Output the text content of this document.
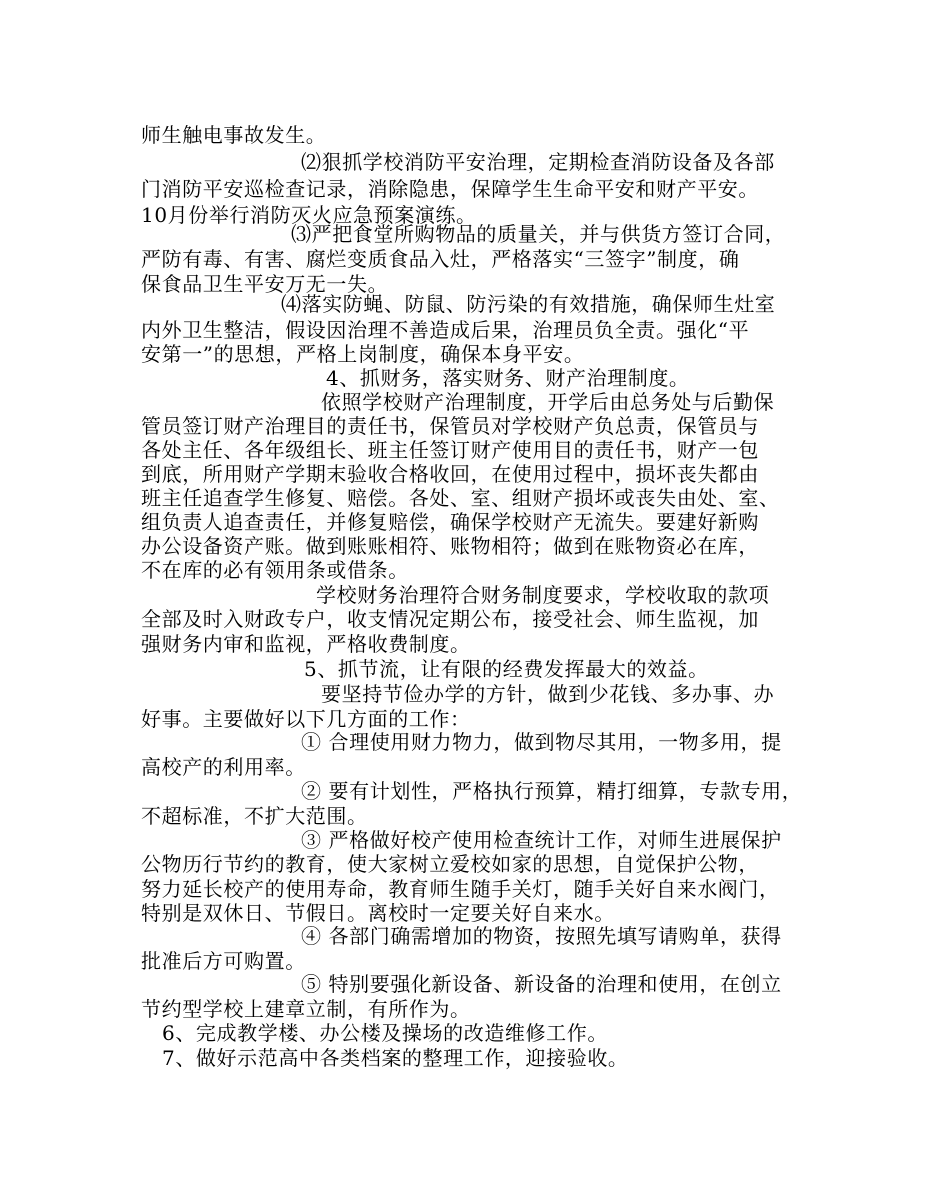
师生触电事故发生。
⑵狠抓学校消防平安治理，定期检查消防设备及各部
门消防平安巡检查记录，消除隐患，保障学生生命平安和财产平安。
10月份举行消防灭火应急预案演练。
⑶严把食堂所购物品的质量关，并与供货方签订合同，
严防有毒、有害、腐烂变质食品入灶，严格落实“三签字”制度，确
保食品卫生平安万无一失。
⑷落实防蝇、防鼠、防污染的有效措施，确保师生灶室
内外卫生整洁，假设因治理不善造成后果，治理员负全责。强化“平
安第一”的思想，严格上岗制度，确保本身平安。
4、抓财务，落实财务、财产治理制度。
依照学校财产治理制度，开学后由总务处与后勤保
管员签订财产治理目的责任书，保管员对学校财产负总责，保管员与
各处主任、各年级组长、班主任签订财产使用目的责任书，财产一包
到底，所用财产学期末验收合格收回，在使用过程中，损坏丧失都由
班主任追查学生修复、赔偿。各处、室、组财产损坏或丧失由处、室、
组负责人追查责任，并修复赔偿，确保学校财产无流失。要建好新购
办公设备资产账。做到账账相符、账物相符；做到在账物资必在库，
不在库的必有领用条或借条。
学校财务治理符合财务制度要求，学校收取的款项
全部及时入财政专户，收支情况定期公布，接受社会、师生监视，加
强财务内审和监视，严格收费制度。
5、抓节流，让有限的经费发挥最大的效益。
要坚持节俭办学的方针，做到少花钱、多办事、办
好事。主要做好以下几方面的工作：
① 合理使用财力物力，做到物尽其用，一物多用，提
高校产的利用率。
② 要有计划性，严格执行预算，精打细算，专款专用，
不超标准，不扩大范围。
③ 严格做好校产使用检查统计工作，对师生进展保护
公物历行节约的教育，使大家树立爱校如家的思想，自觉保护公物，
努力延长校产的使用寿命，教育师生随手关灯，随手关好自来水阀门，
特别是双休日、节假日。离校时一定要关好自来水。
④ 各部门确需增加的物资，按照先填写请购单，获得
批准后方可购置。
⑤ 特别要强化新设备、新设备的治理和使用，在创立
节约型学校上建章立制，有所作为。
6、完成教学楼、办公楼及操场的改造维修工作。
7、做好示范高中各类档案的整理工作，迎接验收。
